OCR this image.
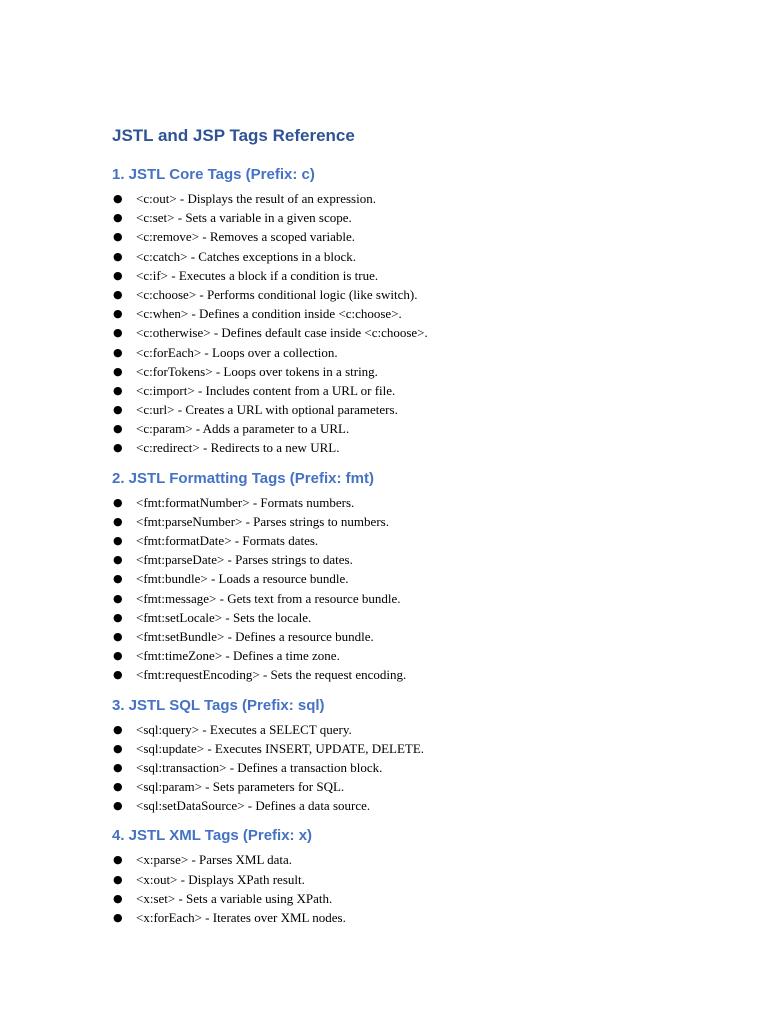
JSTL and JSP Tags Reference
1. JSTL Core Tags (Prefix: c)
● <c:out> - Displays the result of an expression.
● <c:set> - Sets a variable in a given scope.
● <c:remove> - Removes a scoped variable.
● <c:catch> - Catches exceptions in a block.
● <c:if> - Executes a block if a condition is true.
● <c:choose> - Performs conditional logic (like switch).
● <c:when> - Defines a condition inside <c:choose>.
● <c:otherwise> - Defines default case inside <c:choose>.
● <c:forEach> - Loops over a collection.
● <c:forTokens> - Loops over tokens in a string.
● <c:import> - Includes content from a URL or file.
● <c:url> - Creates a URL with optional parameters.
● <c:param> - Adds a parameter to a URL.
● <c:redirect> - Redirects to a new URL.
2. JSTL Formatting Tags (Prefix: fmt)
● <fmt:formatNumber> - Formats numbers.
● <fmt:parseNumber> - Parses strings to numbers.
● <fmt:formatDate> - Formats dates.
● <fmt:parseDate> - Parses strings to dates.
● <fmt:bundle> - Loads a resource bundle.
● <fmt:message> - Gets text from a resource bundle.
● <fmt:setLocale> - Sets the locale.
● <fmt:setBundle> - Defines a resource bundle.
● <fmt:timeZone> - Defines a time zone.
● <fmt:requestEncoding> - Sets the request encoding.
3. JSTL SQL Tags (Prefix: sql)
● <sql:query> - Executes a SELECT query.
● <sql:update> - Executes INSERT, UPDATE, DELETE.
● <sql:transaction> - Defines a transaction block.
● <sql:param> - Sets parameters for SQL.
● <sql:setDataSource> - Defines a data source.
4. JSTL XML Tags (Prefix: x)
● <x:parse> - Parses XML data.
● <x:out> - Displays XPath result.
● <x:set> - Sets a variable using XPath.
● <x:forEach> - Iterates over XML nodes.
